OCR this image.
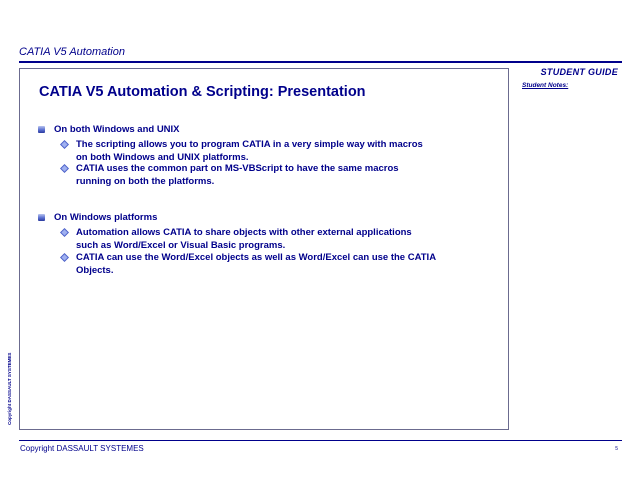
CATIA V5 Automation
STUDENT GUIDE
Student Notes:
CATIA V5 Automation & Scripting: Presentation
On both Windows and UNIX
The scripting allows you to program CATIA in a very simple way with macros on both Windows and UNIX platforms.
CATIA uses the common part on MS-VBScript to have the same macros running on both the platforms.
On Windows platforms
Automation allows CATIA to share objects with other external applications such as Word/Excel or Visual Basic programs.
CATIA can use the Word/Excel objects as well as Word/Excel can use the CATIA Objects.
Copyright DASSAULT SYSTEMES
Copyright DASSAULT SYSTEMES	5
